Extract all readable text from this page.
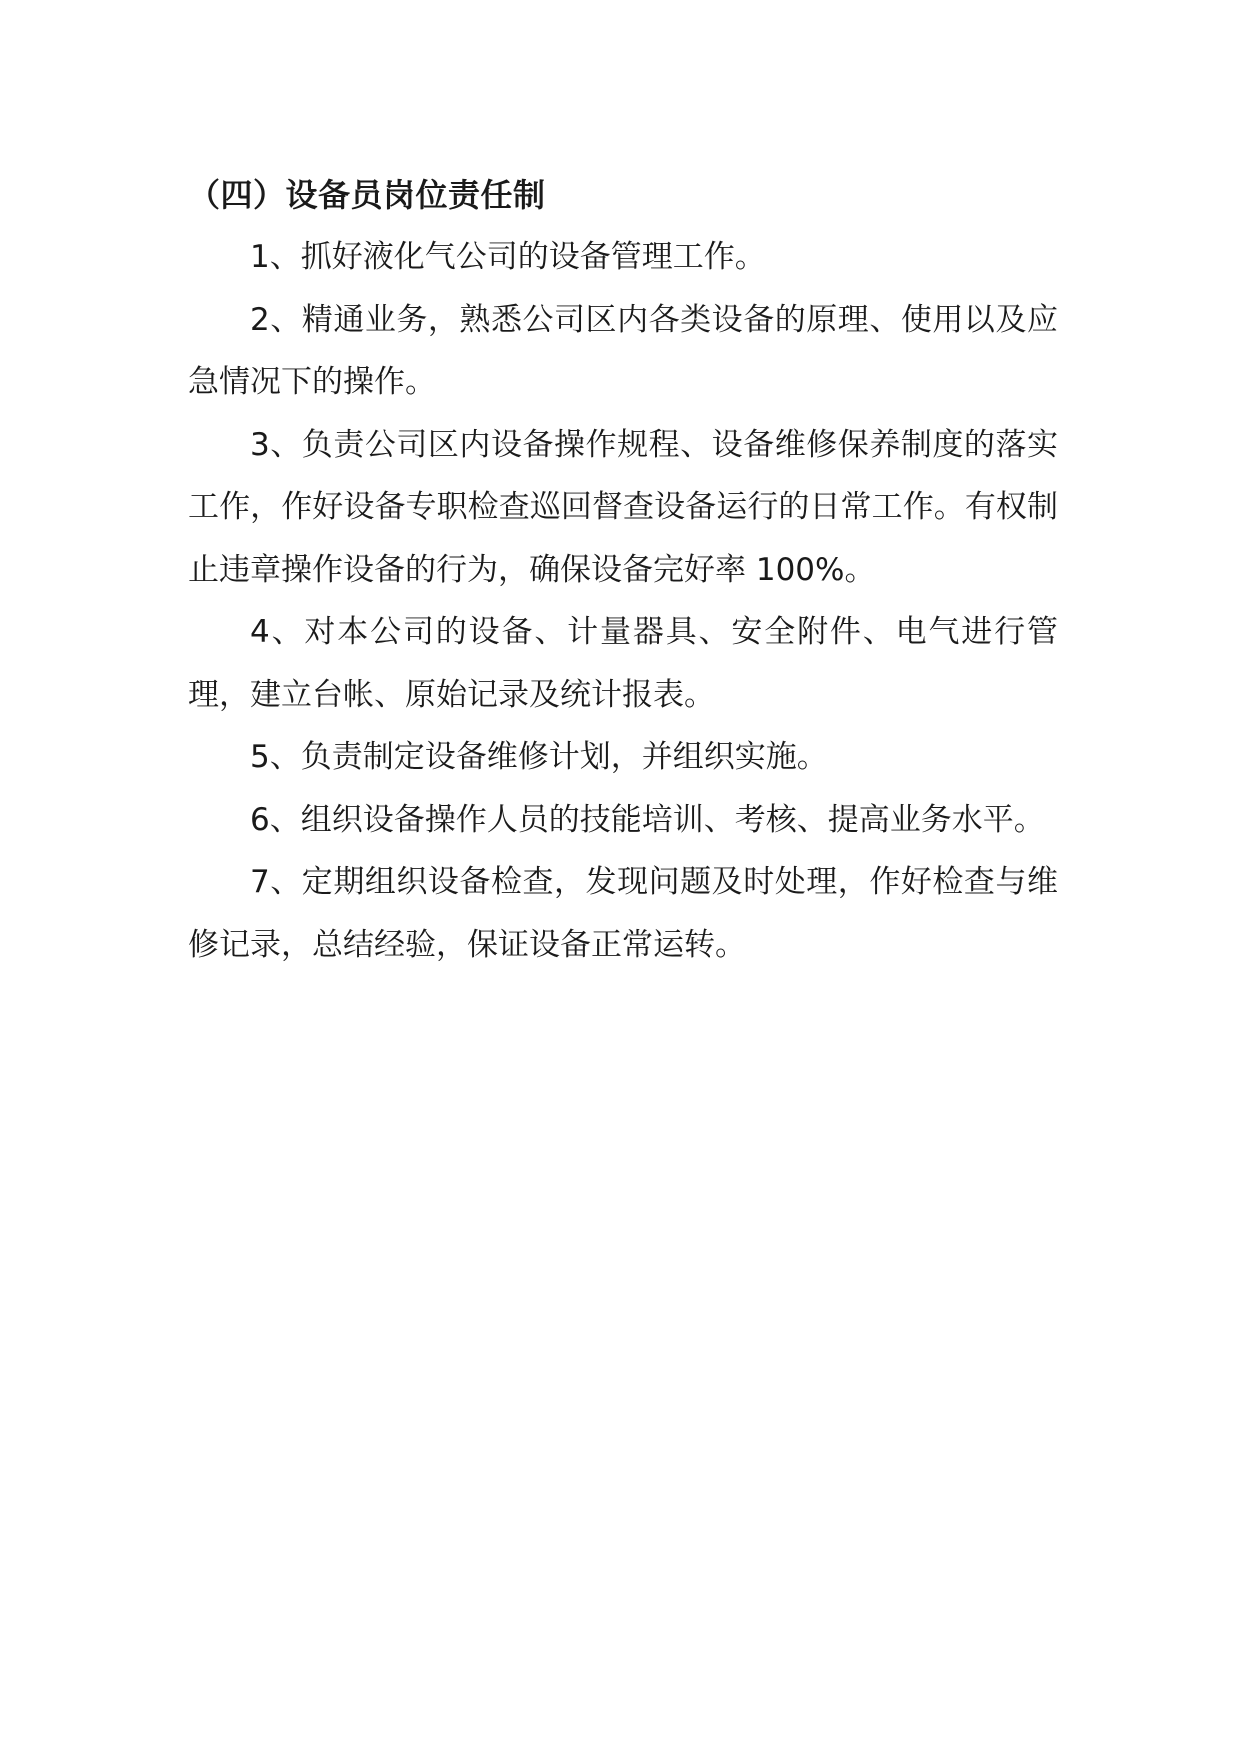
（四）设备员岗位责任制

1、抓好液化气公司的设备管理工作。

2、精通业务，熟悉公司区内各类设备的原理、使用以及应急情况下的操作。

3、负责公司区内设备操作规程、设备维修保养制度的落实工作，作好设备专职检查巡回督查设备运行的日常工作。有权制止违章操作设备的行为，确保设备完好率 100%。

4、对本公司的设备、计量器具、安全附件、电气进行管理，建立台帐、原始记录及统计报表。

5、负责制定设备维修计划，并组织实施。

6、组织设备操作人员的技能培训、考核、提高业务水平。

7、定期组织设备检查，发现问题及时处理，作好检查与维修记录，总结经验，保证设备正常运转。
